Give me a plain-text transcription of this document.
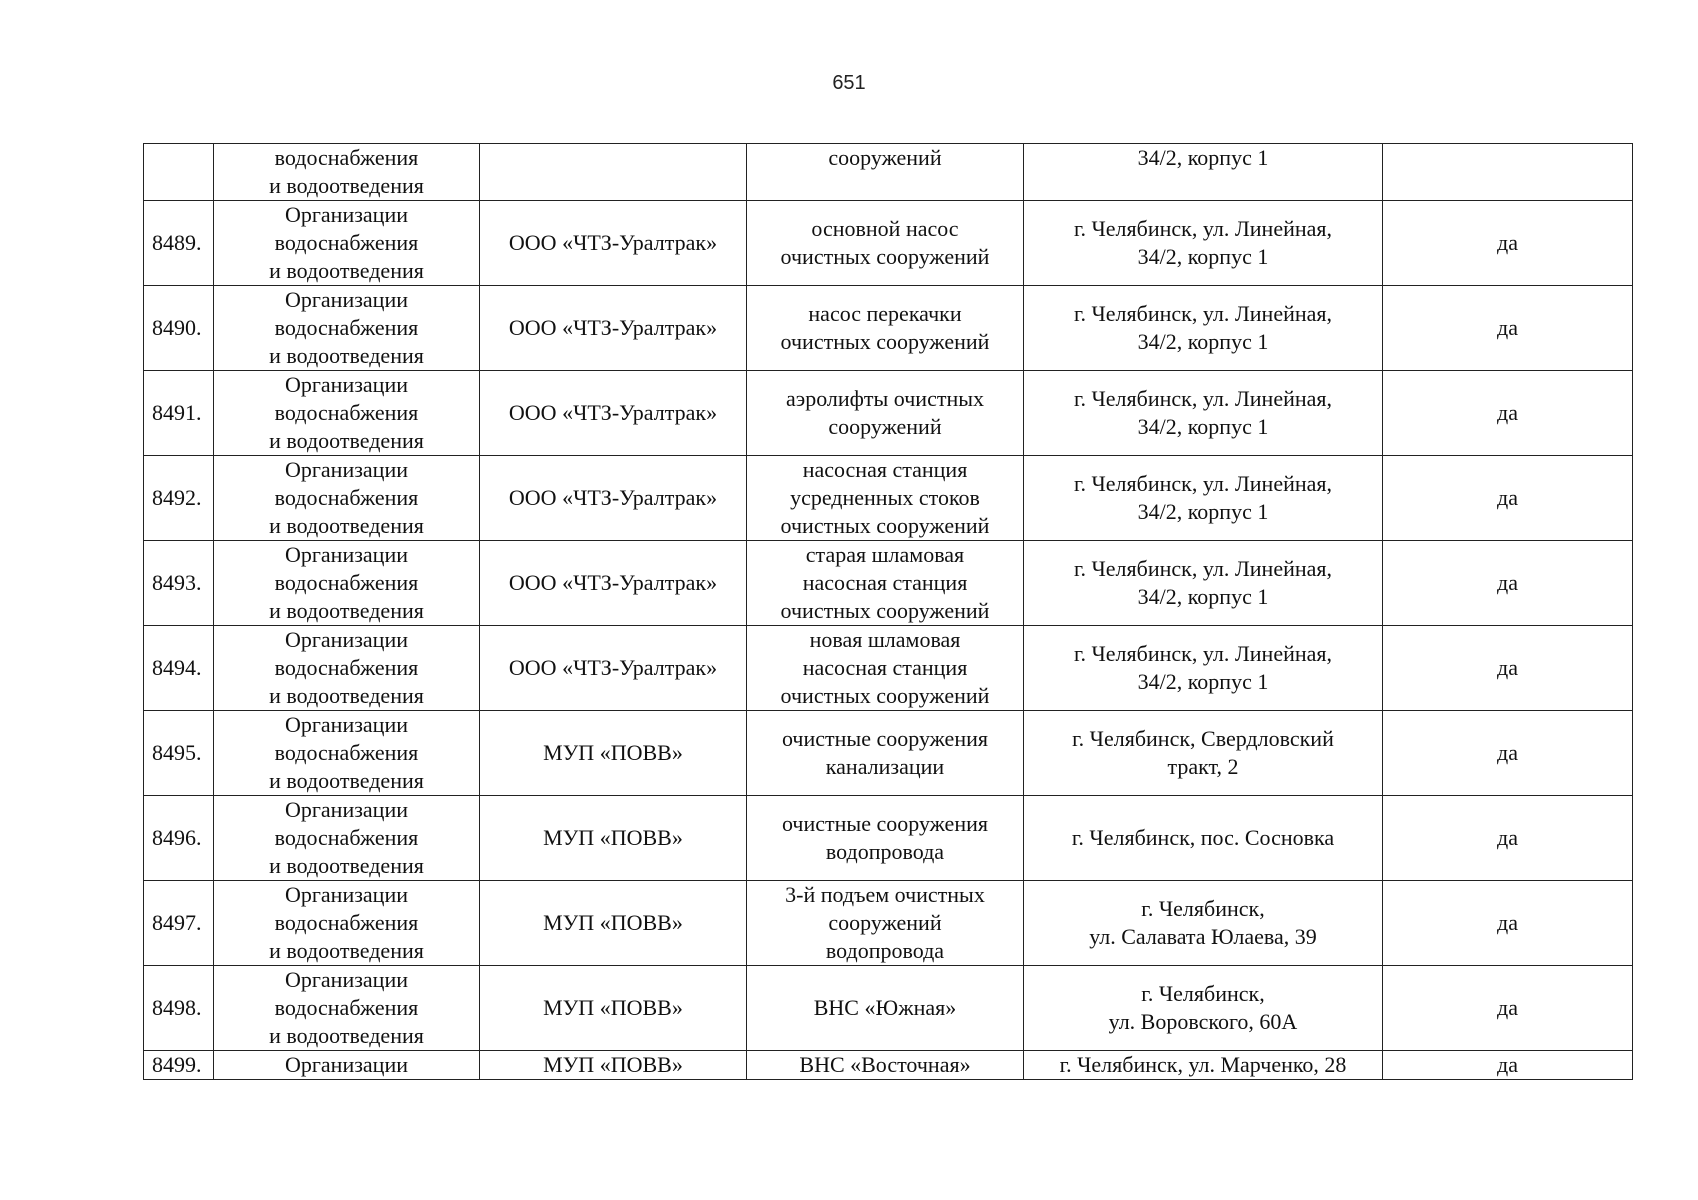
651

	водоснабжения
и водоотведения		сооружений	34/2, корпус 1	

8489.	Организации
водоснабжения
и водоотведения	ООО «ЧТЗ-Уралтрак»	основной насос
очистных сооружений	г. Челябинск, ул. Линейная,
34/2, корпус 1	да
8490.	Организации
водоснабжения
и водоотведения	ООО «ЧТЗ-Уралтрак»	насос перекачки
очистных сооружений	г. Челябинск, ул. Линейная,
34/2, корпус 1	да
8491.	Организации
водоснабжения
и водоотведения	ООО «ЧТЗ-Уралтрак»	аэролифты очистных
сооружений	г. Челябинск, ул. Линейная,
34/2, корпус 1	да
8492.	Организации
водоснабжения
и водоотведения	ООО «ЧТЗ-Уралтрак»	насосная станция
усредненных стоков
очистных сооружений	г. Челябинск, ул. Линейная,
34/2, корпус 1	да
8493.	Организации
водоснабжения
и водоотведения	ООО «ЧТЗ-Уралтрак»	старая шламовая
насосная станция
очистных сооружений	г. Челябинск, ул. Линейная,
34/2, корпус 1	да
8494.	Организации
водоснабжения
и водоотведения	ООО «ЧТЗ-Уралтрак»	новая шламовая
насосная станция
очистных сооружений	г. Челябинск, ул. Линейная,
34/2, корпус 1	да
8495.	Организации
водоснабжения
и водоотведения	МУП «ПОВВ»	очистные сооружения
канализации	г. Челябинск, Свердловский
тракт, 2	да
8496.	Организации
водоснабжения
и водоотведения	МУП «ПОВВ»	очистные сооружения
водопровода	г. Челябинск, пос. Сосновка	да
8497.	Организации
водоснабжения
и водоотведения	МУП «ПОВВ»	3-й подъем очистных
сооружений
водопровода	г. Челябинск,
ул. Салавата Юлаева, 39	да
8498.	Организации
водоснабжения
и водоотведения	МУП «ПОВВ»	ВНС «Южная»	г. Челябинск,
ул. Воровского, 60А	да
8499.	Организации	МУП «ПОВВ»	ВНС «Восточная»	г. Челябинск, ул. Марченко, 28	да
